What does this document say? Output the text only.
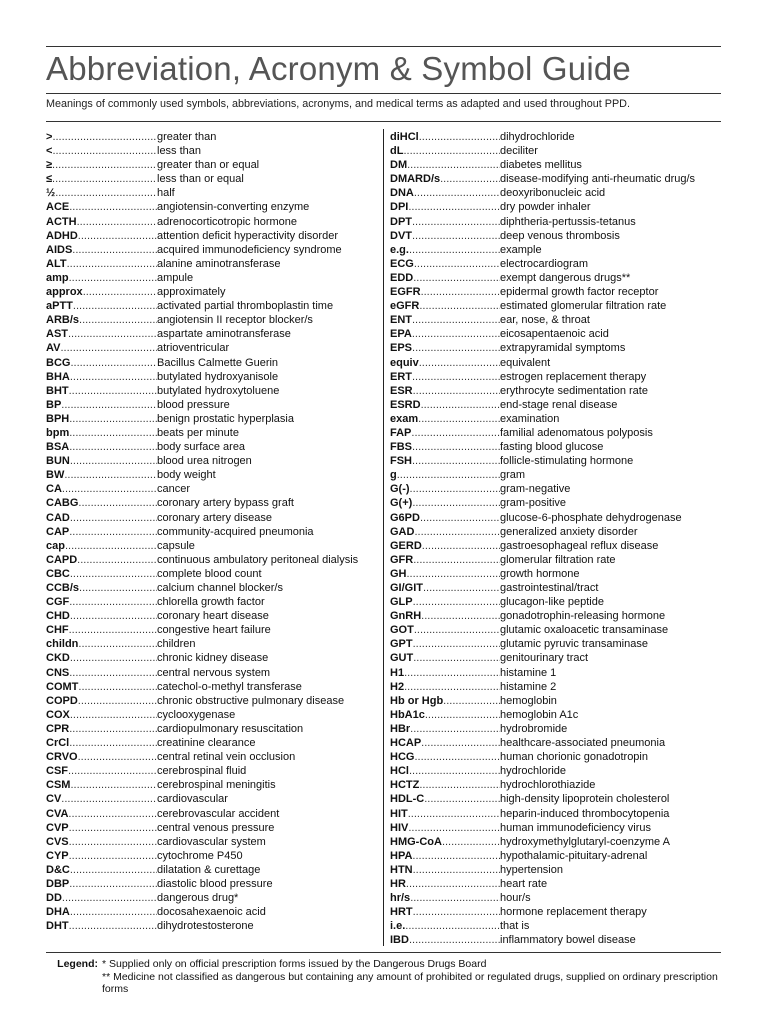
Abbreviation, Acronym & Symbol Guide

Meanings of commonly used symbols, abbreviations, acronyms, and medical terms as adapted and used throughout PPD.

> .....	greater than
< .....	less than
≥ .....	greater than or equal
≤ .....	less than or equal
½ .....	half
ACE .....	angiotensin-converting enzyme
ACTH .....	adrenocorticotropic hormone
ADHD .....	attention deficit hyperactivity disorder
AIDS .....	acquired immunodeficiency syndrome
ALT .....	alanine aminotransferase
amp .....	ampule
approx .....	approximately
aPTT .....	activated partial thromboplastin time
ARB/s .....	angiotensin II receptor blocker/s
AST .....	aspartate aminotransferase
AV .....	atrioventricular
BCG .....	Bacillus Calmette Guerin
BHA .....	butylated hydroxyanisole
BHT .....	butylated hydroxytoluene
BP .....	blood pressure
BPH .....	benign prostatic hyperplasia
bpm .....	beats per minute
BSA .....	body surface area
BUN .....	blood urea nitrogen
BW .....	body weight
CA .....	cancer
CABG .....	coronary artery bypass graft
CAD .....	coronary artery disease
CAP .....	community-acquired pneumonia
cap .....	capsule
CAPD .....	continuous ambulatory peritoneal dialysis
CBC .....	complete blood count
CCB/s .....	calcium channel blocker/s
CGF .....	chlorella growth factor
CHD .....	coronary heart disease
CHF .....	congestive heart failure
childn .....	children
CKD .....	chronic kidney disease
CNS .....	central nervous system
COMT .....	catechol-o-methyl transferase
COPD .....	chronic obstructive pulmonary disease
COX .....	cyclooxygenase
CPR .....	cardiopulmonary resuscitation
CrCl .....	creatinine clearance
CRVO .....	central retinal vein occlusion
CSF .....	cerebrospinal fluid
CSM .....	cerebrospinal meningitis
CV .....	cardiovascular
CVA .....	cerebrovascular accident
CVP .....	central venous pressure
CVS .....	cardiovascular system
CYP .....	cytochrome P450
D&C .....	dilatation & curettage
DBP .....	diastolic blood pressure
DD .....	dangerous drug*
DHA .....	docosahexaenoic acid
DHT .....	dihydrotestosterone
diHCl .....	dihydrochloride
dL .....	deciliter
DM .....	diabetes mellitus
DMARD/s .....	disease-modifying anti-rheumatic drug/s
DNA .....	deoxyribonucleic acid
DPI .....	dry powder inhaler
DPT .....	diphtheria-pertussis-tetanus
DVT .....	deep venous thrombosis
e.g. .....	example
ECG .....	electrocardiogram
EDD .....	exempt dangerous drugs**
EGFR .....	epidermal growth factor receptor
eGFR .....	estimated glomerular filtration rate
ENT .....	ear, nose, & throat
EPA .....	eicosapentaenoic acid
EPS .....	extrapyramidal symptoms
equiv .....	equivalent
ERT .....	estrogen replacement therapy
ESR .....	erythrocyte sedimentation rate
ESRD .....	end-stage renal disease
exam .....	examination
FAP .....	familial adenomatous polyposis
FBS .....	fasting blood glucose
FSH .....	follicle-stimulating hormone
g .....	gram
G(-) .....	gram-negative
G(+) .....	gram-positive
G6PD .....	glucose-6-phosphate dehydrogenase
GAD .....	generalized anxiety disorder
GERD .....	gastroesophageal reflux disease
GFR .....	glomerular filtration rate
GH .....	growth hormone
GI/GIT .....	gastrointestinal/tract
GLP .....	glucagon-like peptide
GnRH .....	gonadotrophin-releasing hormone
GOT .....	glutamic oxaloacetic transaminase
GPT .....	glutamic pyruvic transaminase
GUT .....	genitourinary tract
H1 .....	histamine 1
H2 .....	histamine 2
Hb or Hgb .....	hemoglobin
HbA1c .....	hemoglobin A1c
HBr .....	hydrobromide
HCAP .....	healthcare-associated pneumonia
HCG .....	human chorionic gonadotropin
HCl .....	hydrochloride
HCTZ .....	hydrochlorothiazide
HDL-C .....	high-density lipoprotein cholesterol
HIT .....	heparin-induced thrombocytopenia
HIV .....	human immunodeficiency virus
HMG-CoA .....	hydroxymethylglutaryl-coenzyme A
HPA .....	hypothalamic-pituitary-adrenal
HTN .....	hypertension
HR .....	heart rate
hr/s .....	hour/s
HRT .....	hormone replacement therapy
i.e. .....	that is
IBD .....	inflammatory bowel disease
Legend: * Supplied only on official prescription forms issued by the Dangerous Drugs Board
** Medicine not classified as dangerous but containing any amount of prohibited or regulated drugs, supplied on ordinary prescription forms
